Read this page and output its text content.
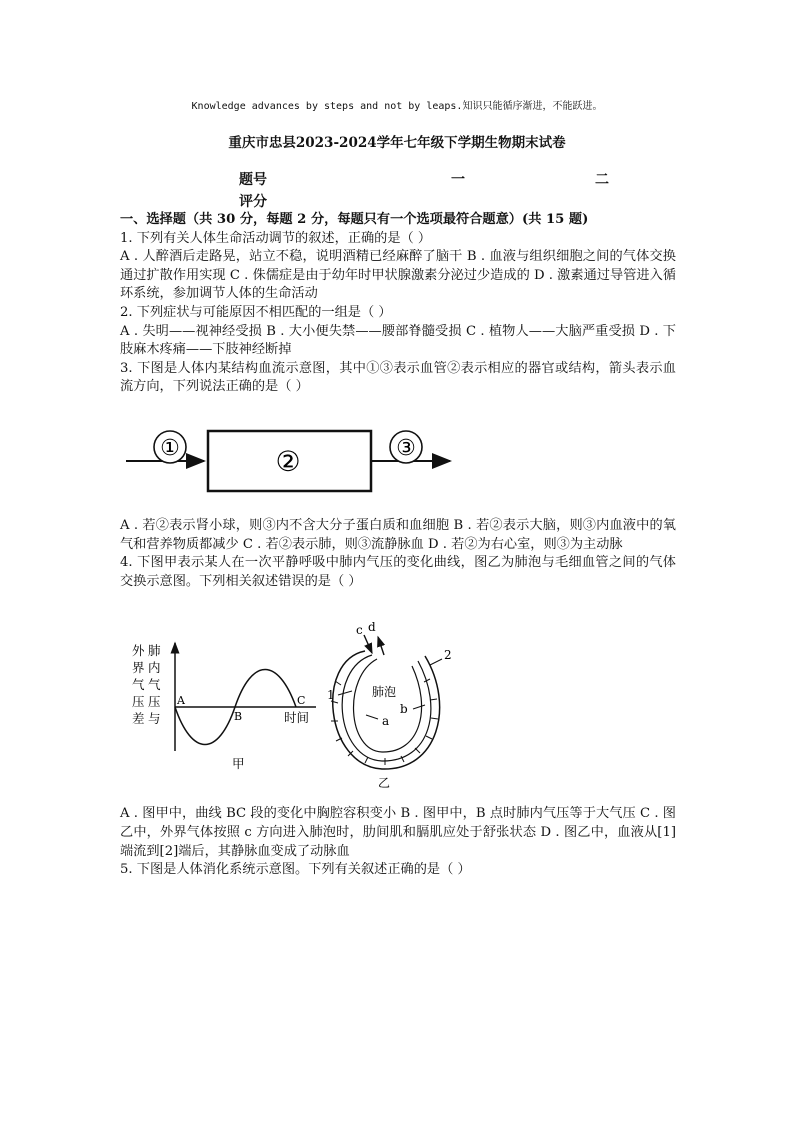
Knowledge advances by steps and not by leaps.知识只能循序渐进，不能跃进。
重庆市忠县2023-2024学年七年级下学期生物期末试卷
题号	一	二
评分

一、选择题（共 30 分，每题 2 分，每题只有一个选项最符合题意）(共 15 题)

1. 下列有关人体生命活动调节的叙述，正确的是（ ）

A . 人醉酒后走路晃，站立不稳，说明酒精已经麻醉了脑干 B . 血液与组织细胞之间的气体交换通过扩散作用实现 C . 侏儒症是由于幼年时甲状腺激素分泌过少造成的 D . 激素通过导管进入循环系统，参加调节人体的生命活动

2. 下列症状与可能原因不相匹配的一组是（ ）

A . 失明——视神经受损 B . 大小便失禁——腰部脊髓受损 C . 植物人——大脑严重受损 D . 下肢麻木疼痛——下肢神经断掉

3. 下图是人体内某结构血流示意图，其中①③表示血管②表示相应的器官或结构，箭头表示血流方向，下列说法正确的是（ ）

①	②	③

A . 若②表示肾小球，则③内不含大分子蛋白质和血细胞 B . 若②表示大脑，则③内血液中的氧气和营养物质都减少 C . 若②表示肺，则③流静脉血 D . 若②为右心室，则③为主动脉

4. 下图甲表示某人在一次平静呼吸中肺内气压的变化曲线，图乙为肺泡与毛细血管之间的气体交换示意图。下列相关叙述错误的是（ ）

外
界
气
压
差
肺
内
气
压
与
A
B
C
时间
甲
c d
肺泡
1
2
a
b
乙

A . 图甲中，曲线 BC 段的变化中胸腔容积变小 B . 图甲中，B 点时肺内气压等于大气压 C . 图乙中，外界气体按照 c 方向进入肺泡时，肋间肌和膈肌应处于舒张状态 D . 图乙中，血液从[1]端流到[2]端后，其静脉血变成了动脉血

5. 下图是人体消化系统示意图。下列有关叙述正确的是（ ）
